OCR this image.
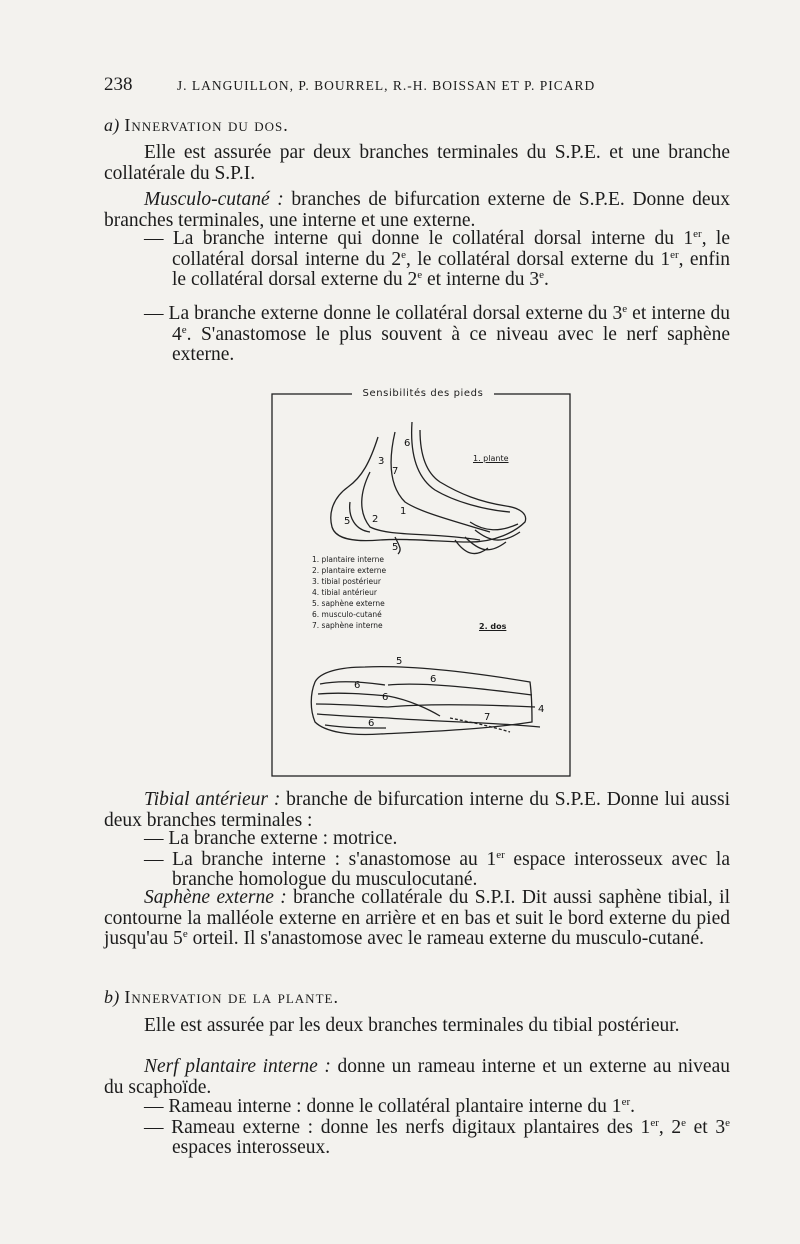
238	J. LANGUILLON, P. BOURREL, R.-H. BOISSAN ET P. PICARD
a) Innervation du dos.

Elle est assurée par deux branches terminales du S.P.E. et une branche collatérale du S.P.I.

Musculo-cutané : branches de bifurcation externe de S.P.E. Donne deux branches terminales, une interne et une externe.

— La branche interne qui donne le collatéral dorsal interne du 1er, le collatéral dorsal interne du 2e, le collatéral dorsal externe du 1er, enfin le collatéral dorsal externe du 2e et interne du 3e.

— La branche externe donne le collatéral dorsal externe du 3e et interne du 4e. S'anastomose le plus souvent à ce niveau avec le nerf saphène externe.

6
3
7
1
5 2
5
5
6
6
6
4
7
6
Sensibilités des pieds
1. plante
2. dos
1. plantaire interne
2. plantaire externe
3. tibial postérieur
4. tibial antérieur
5. saphène externe
6. musculo-cutané
7. saphène interne

Tibial antérieur : branche de bifurcation interne du S.P.E. Donne lui aussi deux branches terminales :

— La branche externe : motrice.

— La branche interne : s'anastomose au 1er espace interosseux avec la branche homologue du musculocutané.

Saphène externe : branche collatérale du S.P.I. Dit aussi saphène tibial, il contourne la malléole externe en arrière et en bas et suit le bord externe du pied jusqu'au 5e orteil. Il s'anastomose avec le rameau externe du musculo-cutané.

b) Innervation de la plante.

Elle est assurée par les deux branches terminales du tibial postérieur.

Nerf plantaire interne : donne un rameau interne et un externe au niveau du scaphoïde.

— Rameau interne : donne le collatéral plantaire interne du 1er.

— Rameau externe : donne les nerfs digitaux plantaires des 1er, 2e et 3e espaces interosseux.
